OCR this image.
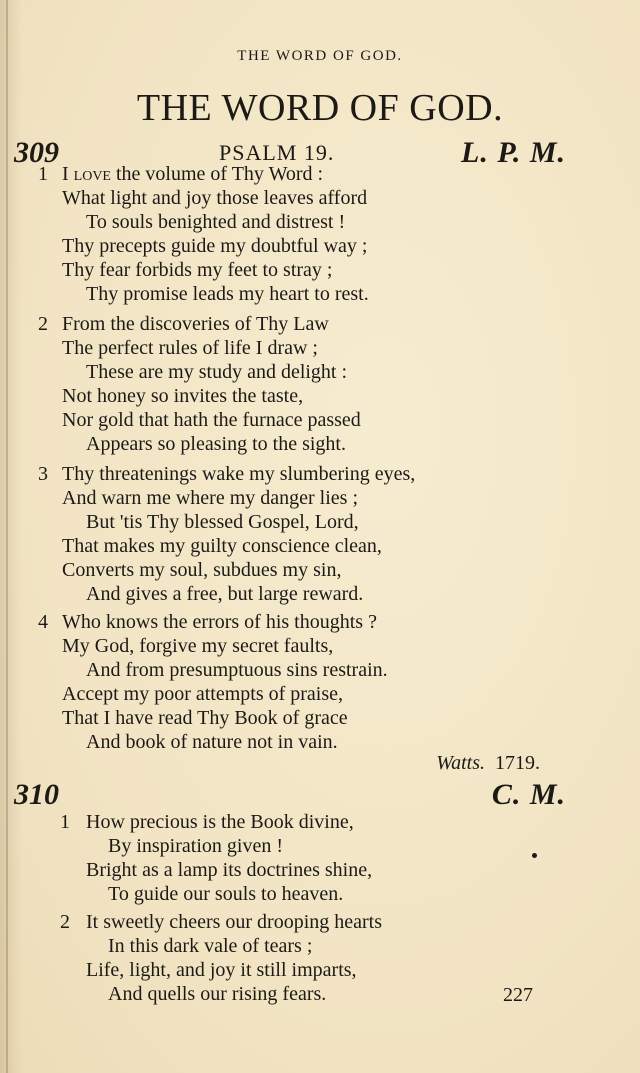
THE WORD OF GOD.
THE WORD OF GOD.
309	PSALM 19.	L. P. M.
1 I love the volume of Thy Word :
What light and joy those leaves afford
To souls benighted and distrest !
Thy precepts guide my doubtful way ;
Thy fear forbids my feet to stray ;
Thy promise leads my heart to rest.
2 From the discoveries of Thy Law
The perfect rules of life I draw ;
These are my study and delight :
Not honey so invites the taste,
Nor gold that hath the furnace passed
Appears so pleasing to the sight.
3 Thy threatenings wake my slumbering eyes,
And warn me where my danger lies ;
But 'tis Thy blessed Gospel, Lord,
That makes my guilty conscience clean,
Converts my soul, subdues my sin,
And gives a free, but large reward.
4 Who knows the errors of his thoughts ?
My God, forgive my secret faults,
And from presumptuous sins restrain.
Accept my poor attempts of praise,
That I have read Thy Book of grace
And book of nature not in vain.
Watts. 1719.
310	C. M.
1 How precious is the Book divine,
By inspiration given !
Bright as a lamp its doctrines shine,
To guide our souls to heaven.
2 It sweetly cheers our drooping hearts
In this dark vale of tears ;
Life, light, and joy it still imparts,
And quells our rising fears.	227
